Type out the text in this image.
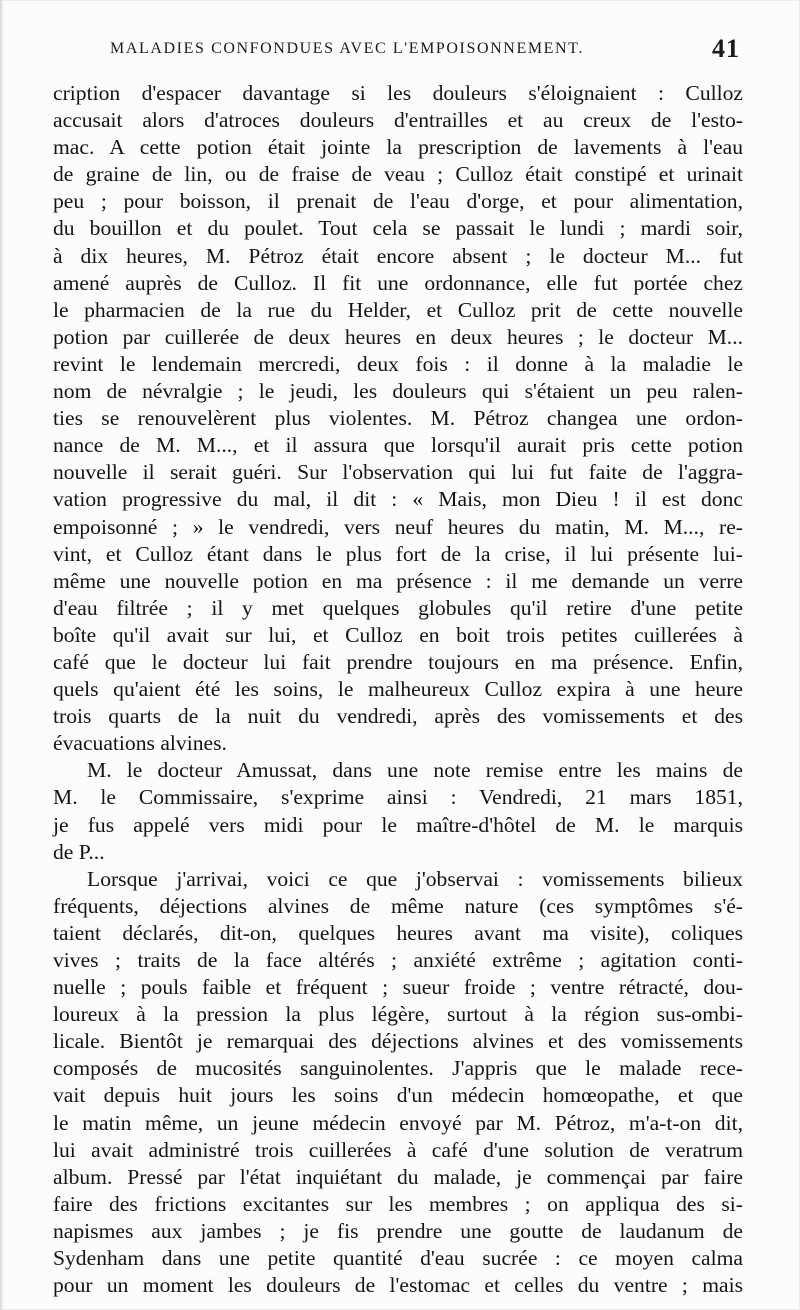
MALADIES CONFONDUES AVEC L'EMPOISONNEMENT.	41
cription d'espacer davantage si les douleurs s'éloignaient : Culloz
accusait alors d'atroces douleurs d'entrailles et au creux de l'esto-
mac. A cette potion était jointe la prescription de lavements à l'eau
de graine de lin, ou de fraise de veau ; Culloz était constipé et urinait
peu ; pour boisson, il prenait de l'eau d'orge, et pour alimentation,
du bouillon et du poulet. Tout cela se passait le lundi ; mardi soir,
à dix heures, M. Pétroz était encore absent ; le docteur M... fut
amené auprès de Culloz. Il fit une ordonnance, elle fut portée chez
le pharmacien de la rue du Helder, et Culloz prit de cette nouvelle
potion par cuillerée de deux heures en deux heures ; le docteur M...
revint le lendemain mercredi, deux fois : il donne à la maladie le
nom de névralgie ; le jeudi, les douleurs qui s'étaient un peu ralen-
ties se renouvelèrent plus violentes. M. Pétroz changea une ordon-
nance de M. M..., et il assura que lorsqu'il aurait pris cette potion
nouvelle il serait guéri. Sur l'observation qui lui fut faite de l'aggra-
vation progressive du mal, il dit : « Mais, mon Dieu ! il est donc
empoisonné ; » le vendredi, vers neuf heures du matin, M. M..., re-
vint, et Culloz étant dans le plus fort de la crise, il lui présente lui-
même une nouvelle potion en ma présence : il me demande un verre
d'eau filtrée ; il y met quelques globules qu'il retire d'une petite
boîte qu'il avait sur lui, et Culloz en boit trois petites cuillerées à
café que le docteur lui fait prendre toujours en ma présence. Enfin,
quels qu'aient été les soins, le malheureux Culloz expira à une heure
trois quarts de la nuit du vendredi, après des vomissements et des
évacuations alvines.
M. le docteur Amussat, dans une note remise entre les mains de
M. le Commissaire, s'exprime ainsi : Vendredi, 21 mars 1851,
je fus appelé vers midi pour le maître-d'hôtel de M. le marquis
de P...
Lorsque j'arrivai, voici ce que j'observai : vomissements bilieux
fréquents, déjections alvines de même nature (ces symptômes s'é-
taient déclarés, dit-on, quelques heures avant ma visite), coliques
vives ; traits de la face altérés ; anxiété extrême ; agitation conti-
nuelle ; pouls faible et fréquent ; sueur froide ; ventre rétracté, dou-
loureux à la pression la plus légère, surtout à la région sus-ombi-
licale. Bientôt je remarquai des déjections alvines et des vomissements
composés de mucosités sanguinolentes. J'appris que le malade rece-
vait depuis huit jours les soins d'un médecin homœopathe, et que
le matin même, un jeune médecin envoyé par M. Pétroz, m'a-t-on dit,
lui avait administré trois cuillerées à café d'une solution de veratrum
album. Pressé par l'état inquiétant du malade, je commençai par faire
faire des frictions excitantes sur les membres ; on appliqua des si-
napismes aux jambes ; je fis prendre une goutte de laudanum de
Sydenham dans une petite quantité d'eau sucrée : ce moyen calma
pour un moment les douleurs de l'estomac et celles du ventre ; mais
